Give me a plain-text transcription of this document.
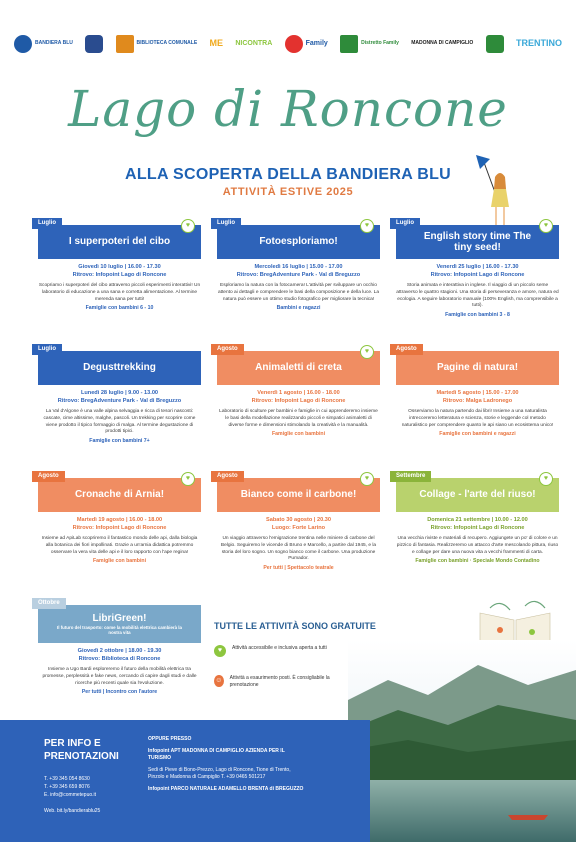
BANDIERA BLU	BIBLIOTECA COMUNALE ME NICONTRA	Family	Distretto Family MADONNA DI CAMPIGLIO	TRENTINO
Lago di Roncone
ALLA SCOPERTA DELLA BANDIERA BLU
ATTIVITÀ ESTIVE 2025
Luglio	♥
I superpoteri del cibo
Giovedì 10 luglio | 16.00 - 17.30
Ritrovo: Infopoint Lago di Roncone
Scopriamo i superpoteri del cibo attraverso piccoli esperimenti interattivi! Un laboratorio di educazione a una sana e corretta alimentazione. Al termine merenda sana per tutti!
Famiglie con bambini 6 - 10
Luglio	♥
Fotoesploriamo!
Mercoledì 16 luglio | 15.00 - 17.00
Ritrovo: BregAdventure Park - Val di Breguzzo
Esploriamo la natura con la fotocamera! L'attività per sviluppare un occhio attento ai dettagli e comprendere le basi della composizione e della luce. La natura può essere un ottimo studio fotografico per migliorare la tecnica!
Bambini e ragazzi
Luglio	♥
English story time The tiny seed!
Venerdì 25 luglio | 16.00 - 17.30
Ritrovo: Infopoint Lago di Roncone
Storia animata e interattiva in inglese. Il viaggio di un piccolo seme attraverso le quattro stagioni. Una storia di perseveranza e amore, natura ed ecologia. A seguire laboratorio manuale (100% English, ma comprensibile a tutti).
Famiglie con bambini 3 - 8
Luglio
Degusttrekking
Lunedì 28 luglio | 9.00 - 13.00
Ritrovo: BregAdventure Park - Val di Breguzzo
La Val d'Algone è una valle alpina selvaggia e ricca di tesori nascosti: cascate, cime altissime, malghe, pascoli. Un trekking per scoprire come viene prodotto il tipico formaggio di malga. Al termine degustazione di prodotti tipici.
Famiglie con bambini 7+
Agosto	♥
Animaletti di creta
Venerdì 1 agosto | 16.00 - 18.00
Ritrovo: Infopoint Lago di Roncone
Laboratorio di sculture per bambini e famiglie in cui apprenderemo insieme le basi della modellazione realizzando piccoli e simpatici animaletti di diverse forme e dimensioni stimolando la creatività e la manualità.
Famiglie con bambini
Agosto
Pagine di natura!
Martedì 5 agosto | 15.00 - 17.00
Ritrovo: Malga Ladronego
Osserviamo la natura partendo dai libri! Insieme a una naturalista intrecceremo letteratura e scienza, storie e leggende col metodo naturalistico per comprendere quanto le api siano un ecosistema unico!
Famiglie con bambini e ragazzi
Agosto	♥
Cronache di Arnia!
Martedì 19 agosto | 16.00 - 18.00
Ritrovo: Infopoint Lago di Roncone
Insieme ad ApiLab scopriremo il fantastico mondo delle api, dalla biologia alla botanica dei fiori impollinati. Grazie a un'arnia didattica potremmo osservare la vera vita delle api e il loro rapporto con l'ape regina!
Famiglie con bambini
Agosto	♥
Bianco come il carbone!
Sabato 30 agosto | 20.30
Luogo: Forte Larino
Un viaggio attraverso l'emigrazione trentina nelle miniere di carbone del Belgio. Seguiremo le vicende di Bruno e Marcello, a partire dal 1945, e la storia del loro sogno. Un sogno bianco come il carbone. Una produzione Pumador.
Per tutti | Spettacolo teatrale
Settembre	♥
Collage - l'arte del riuso!
Domenica 21 settembre | 10.00 - 12.00
Ritrovo: Infopoint Lago di Roncone
Una vecchia riviste e materiali di recupero. Aggiungete un po' di colore e un pizzico di fantasia. Realizzeremo un attacco d'arte mescolando pittura, riuso e collage per dare una nuova vita a vecchi frammenti di carta.
Famiglie con bambini · Speciale Mondo Contadino
Ottobre
LibriGreen!
Il futuro del trasporto: come la mobilità elettrica cambierà la nostra vita
Giovedì 2 ottobre | 18.00 - 19.30
Ritrovo: Biblioteca di Roncone
Insieme a Ugo Bardi esploreremo il futuro della mobilità elettrica tra promesse, perplessità e fake news, cercando di capire dagli studi e dalle ricerche più recenti quale sia l'evoluzione.
Per tutti | Incontro con l'autore
TUTTE LE ATTIVITÀ SONO GRATUITE
♥	Attività accessibile e inclusiva aperta a tutti
☺ Attività a esaurimento posti. È consigliabile la prenotazione
PER INFO E PRENOTAZIONI
T. +39 345 054 8630
T. +39 345 659 8076
E. info@commetepuo.it
Web. bit.ly/bandierablu25
OPPURE PRESSO
Infopoint APT MADONNA DI CAMPIGLIO AZIENDA PER IL TURISMO
Sedi di Pieve di Bono-Prezzo, Lago di Roncone, Tione di Trento, Pinzolo e Madonna di Campiglio T. +39 0465 501217
Infopoint PARCO NATURALE ADAMELLO BRENTA di BREGUZZO
